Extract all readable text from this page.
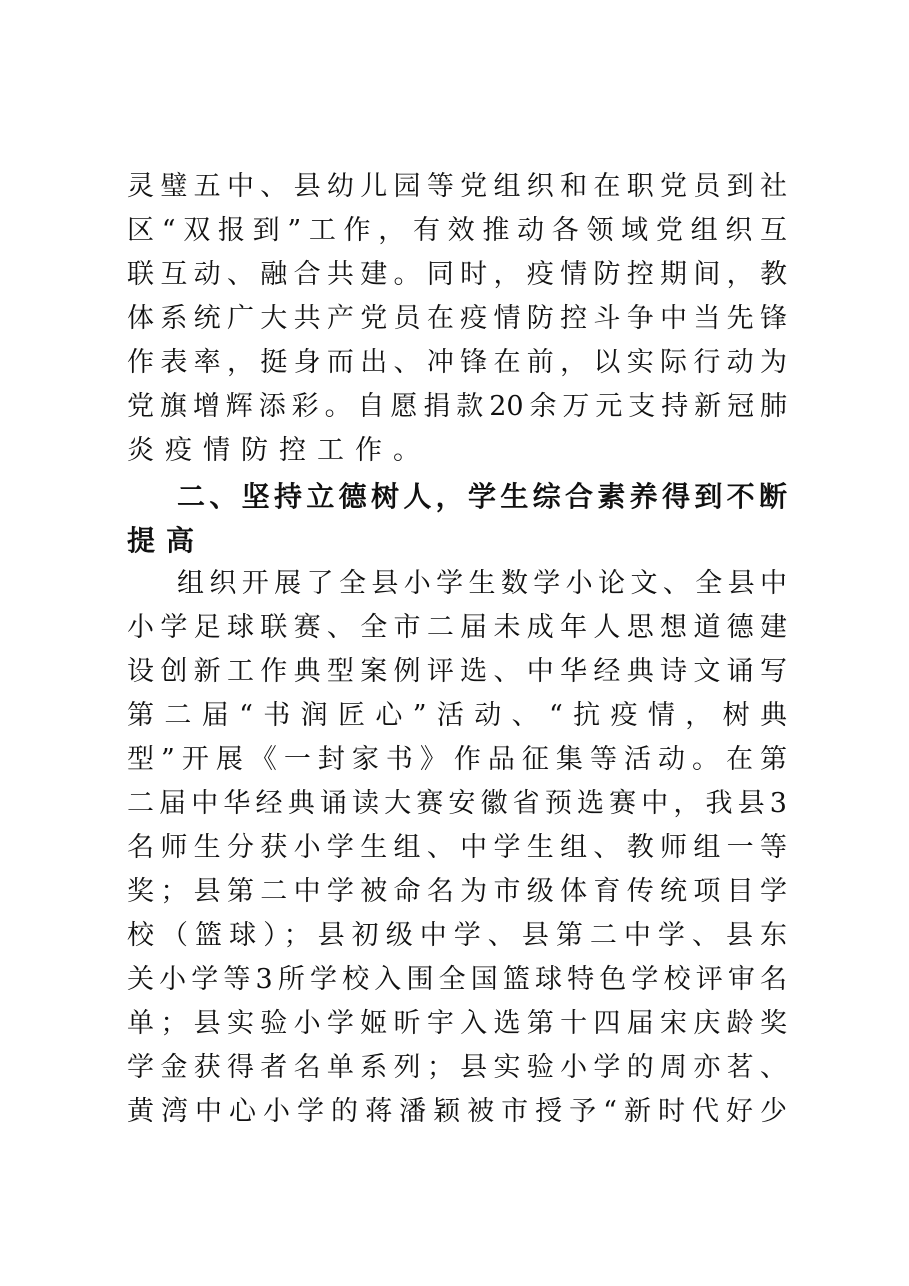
灵璧五中、县幼儿园等党组织和在职党员到社
区“双报到”工作，有效推动各领域党组织互
联互动、融合共建。同时，疫情防控期间，教
体系统广大共产党员在疫情防控斗争中当先锋
作表率，挺身而出、冲锋在前，以实际行动为
党旗增辉添彩。自愿捐款20余万元支持新冠肺
炎疫情防控工作。
二、坚持立德树人，学生综合素养得到不断
提高
组织开展了全县小学生数学小论文、全县中
小学足球联赛、全市二届未成年人思想道德建
设创新工作典型案例评选、中华经典诗文诵写
第二届“书润匠心”活动、“抗疫情，树典
型”开展《一封家书》作品征集等活动。在第
二届中华经典诵读大赛安徽省预选赛中，我县3
名师生分获小学生组、中学生组、教师组一等
奖；县第二中学被命名为市级体育传统项目学
校（篮球）；县初级中学、县第二中学、县东
关小学等3所学校入围全国篮球特色学校评审名
单；县实验小学姬昕宇入选第十四届宋庆龄奖
学金获得者名单系列；县实验小学的周亦茗、
黄湾中心小学的蒋潘颖被市授予“新时代好少
